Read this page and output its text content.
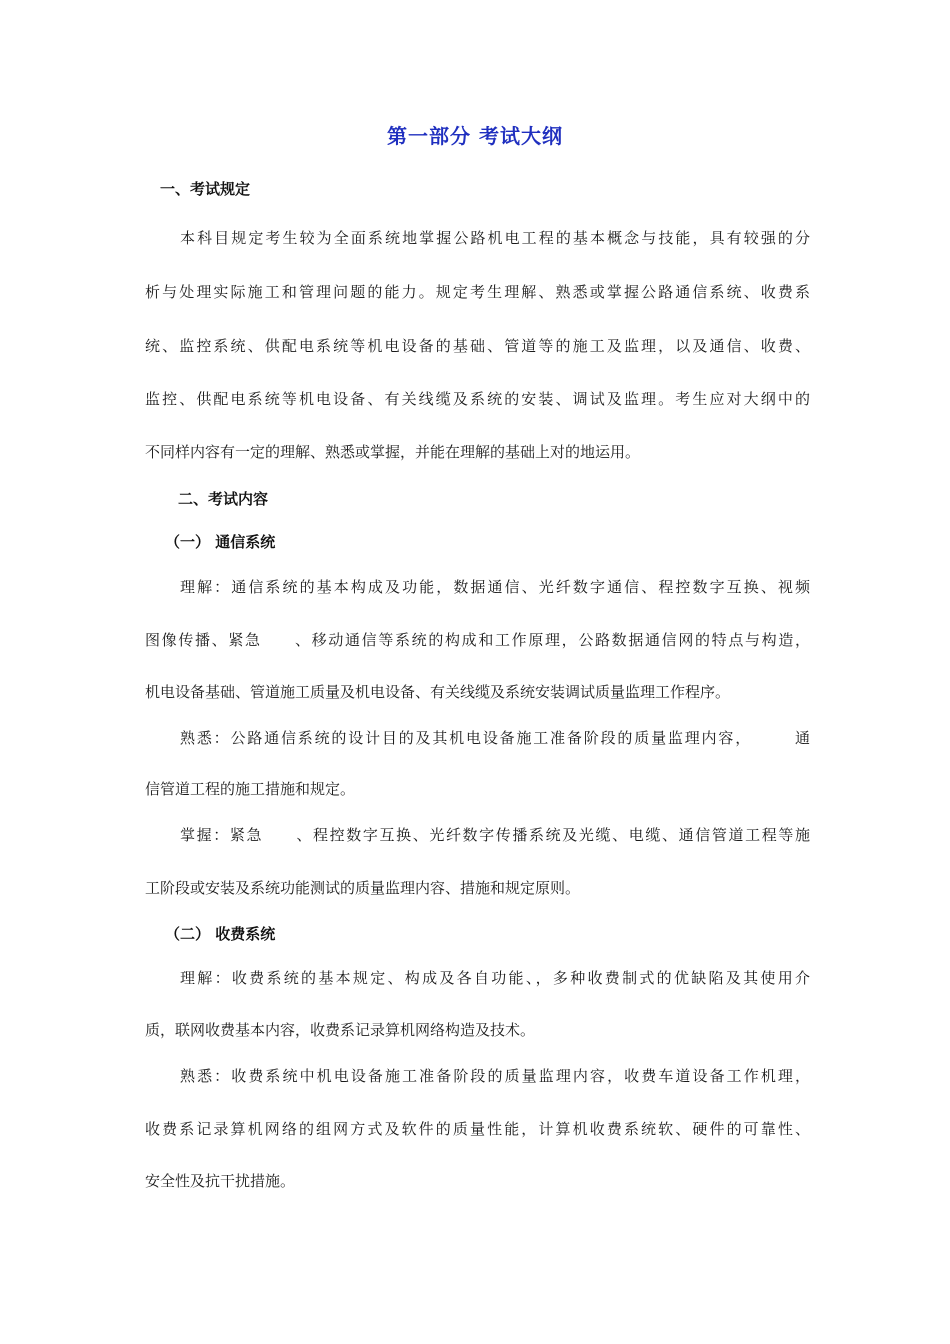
第一部分 考试大纲
一、考试规定
本科目规定考生较为全面系统地掌握公路机电工程的基本概念与技能，具有较强的分
析与处理实际施工和管理问题的能力。规定考生理解、熟悉或掌握公路通信系统、收费系
统、监控系统、供配电系统等机电设备的基础、管道等的施工及监理，以及通信、收费、
监控、供配电系统等机电设备、有关线缆及系统的安装、调试及监理。考生应对大纲中的
不同样内容有一定的理解、熟悉或掌握，并能在理解的基础上对的地运用。
二、考试内容
（一） 通信系统
理解：通信系统的基本构成及功能，数据通信、光纤数字通信、程控数字互换、视频
图像传播、紧急　　、移动通信等系统的构成和工作原理，公路数据通信网的特点与构造，
机电设备基础、管道施工质量及机电设备、有关线缆及系统安装调试质量监理工作程序。
熟悉：公路通信系统的设计目的及其机电设备施工准备阶段的质量监理内容，　　　通
信管道工程的施工措施和规定。
掌握：紧急　　、程控数字互换、光纤数字传播系统及光缆、电缆、通信管道工程等施
工阶段或安装及系统功能测试的质量监理内容、措施和规定原则。
（二） 收费系统
理解：收费系统的基本规定、构成及各自功能、，多种收费制式的优缺陷及其使用介
质，联网收费基本内容，收费系记录算机网络构造及技术。
熟悉：收费系统中机电设备施工准备阶段的质量监理内容，收费车道设备工作机理，
收费系记录算机网络的组网方式及软件的质量性能，计算机收费系统软、硬件的可靠性、
安全性及抗干扰措施。
